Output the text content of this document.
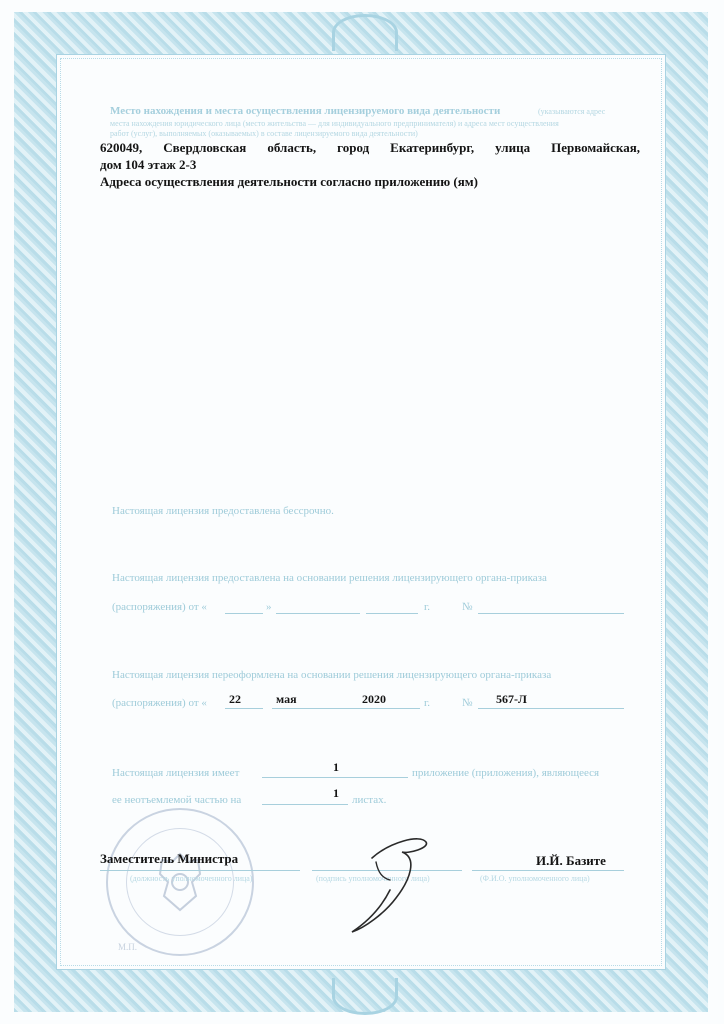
Место нахождения и места осуществления лицензируемого вида деятельности	(указываются адрес
места нахождения юридического лица (место жительства — для индивидуального предпринимателя) и адреса мест осуществления
работ (услуг), выполняемых (оказываемых) в составе лицензируемого вида деятельности)
620049, Свердловская область, город Екатеринбург, улица Первомайская,
дом 104 этаж 2-3
Адреса осуществления деятельности согласно приложению (ям)
Настоящая лицензия предоставлена бессрочно.
Настоящая лицензия предоставлена на основании решения лицензирующего органа-приказа
(распоряжения) от «	»	г.	№
Настоящая лицензия переоформлена на основании решения лицензирующего органа-приказа
(распоряжения) от « 22	мая	2020	г.	№ 567-Л
Настоящая лицензия имеет	1	приложение (приложения), являющееся
ее неотъемлемой частью на	1 листах.
М.П.
Заместитель Министра	И.Й. Базите
(должность уполномоченного лица)	(подпись уполномоченного лица)	(Ф.И.О. уполномоченного лица)
